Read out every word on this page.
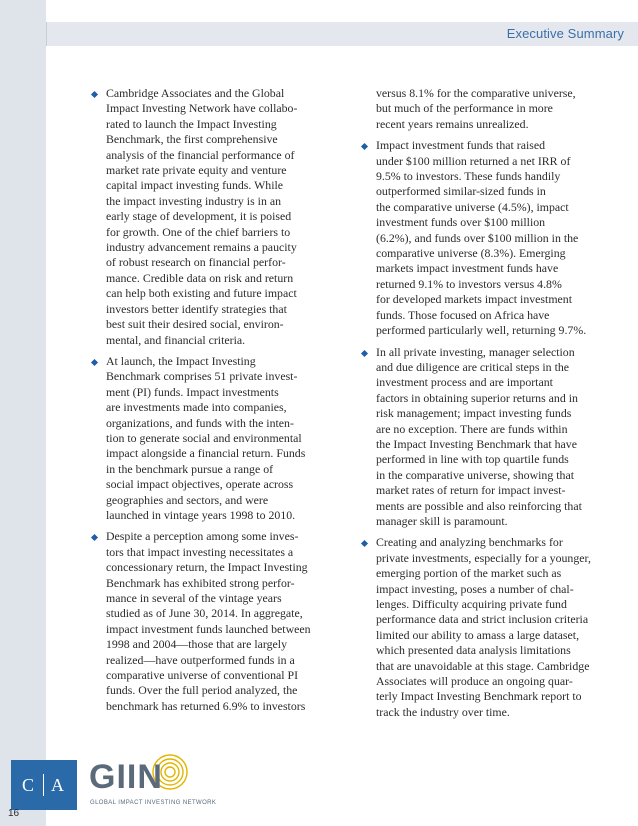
Executive Summary
Cambridge Associates and the Global
Impact Investing Network have collabo-
rated to launch the Impact Investing
Benchmark, the first comprehensive
analysis of the financial performance of
market rate private equity and venture
capital impact investing funds. While
the impact investing industry is in an
early stage of development, it is poised
for growth. One of the chief barriers to
industry advancement remains a paucity
of robust research on financial perfor-
mance. Credible data on risk and return
can help both existing and future impact
investors better identify strategies that
best suit their desired social, environ-
mental, and financial criteria.
At launch, the Impact Investing
Benchmark comprises 51 private invest-
ment (PI) funds. Impact investments
are investments made into companies,
organizations, and funds with the inten-
tion to generate social and environmental
impact alongside a financial return. Funds
in the benchmark pursue a range of
social impact objectives, operate across
geographies and sectors, and were
launched in vintage years 1998 to 2010.
Despite a perception among some inves-
tors that impact investing necessitates a
concessionary return, the Impact Investing
Benchmark has exhibited strong perfor-
mance in several of the vintage years
studied as of June 30, 2014. In aggregate,
impact investment funds launched between
1998 and 2004—those that are largely
realized—have outperformed funds in a
comparative universe of conventional PI
funds. Over the full period analyzed, the
benchmark has returned 6.9% to investors
versus 8.1% for the comparative universe,
but much of the performance in more
recent years remains unrealized.
Impact investment funds that raised
under $100 million returned a net IRR of
9.5% to investors. These funds handily
outperformed similar-sized funds in
the comparative universe (4.5%), impact
investment funds over $100 million
(6.2%), and funds over $100 million in the
comparative universe (8.3%). Emerging
markets impact investment funds have
returned 9.1% to investors versus 4.8%
for developed markets impact investment
funds. Those focused on Africa have
performed particularly well, returning 9.7%.
In all private investing, manager selection
and due diligence are critical steps in the
investment process and are important
factors in obtaining superior returns and in
risk management; impact investing funds
are no exception. There are funds within
the Impact Investing Benchmark that have
performed in line with top quartile funds
in the comparative universe, showing that
market rates of return for impact invest-
ments are possible and also reinforcing that
manager skill is paramount.
Creating and analyzing benchmarks for
private investments, especially for a younger,
emerging portion of the market such as
impact investing, poses a number of chal-
lenges. Difficulty acquiring private fund
performance data and strict inclusion criteria
limited our ability to amass a large dataset,
which presented data analysis limitations
that are unavoidable at this stage. Cambridge
Associates will produce an ongoing quar-
terly Impact Investing Benchmark report to
track the industry over time.
C A GIIN
GLOBAL IMPACT INVESTING NETWORK
16
